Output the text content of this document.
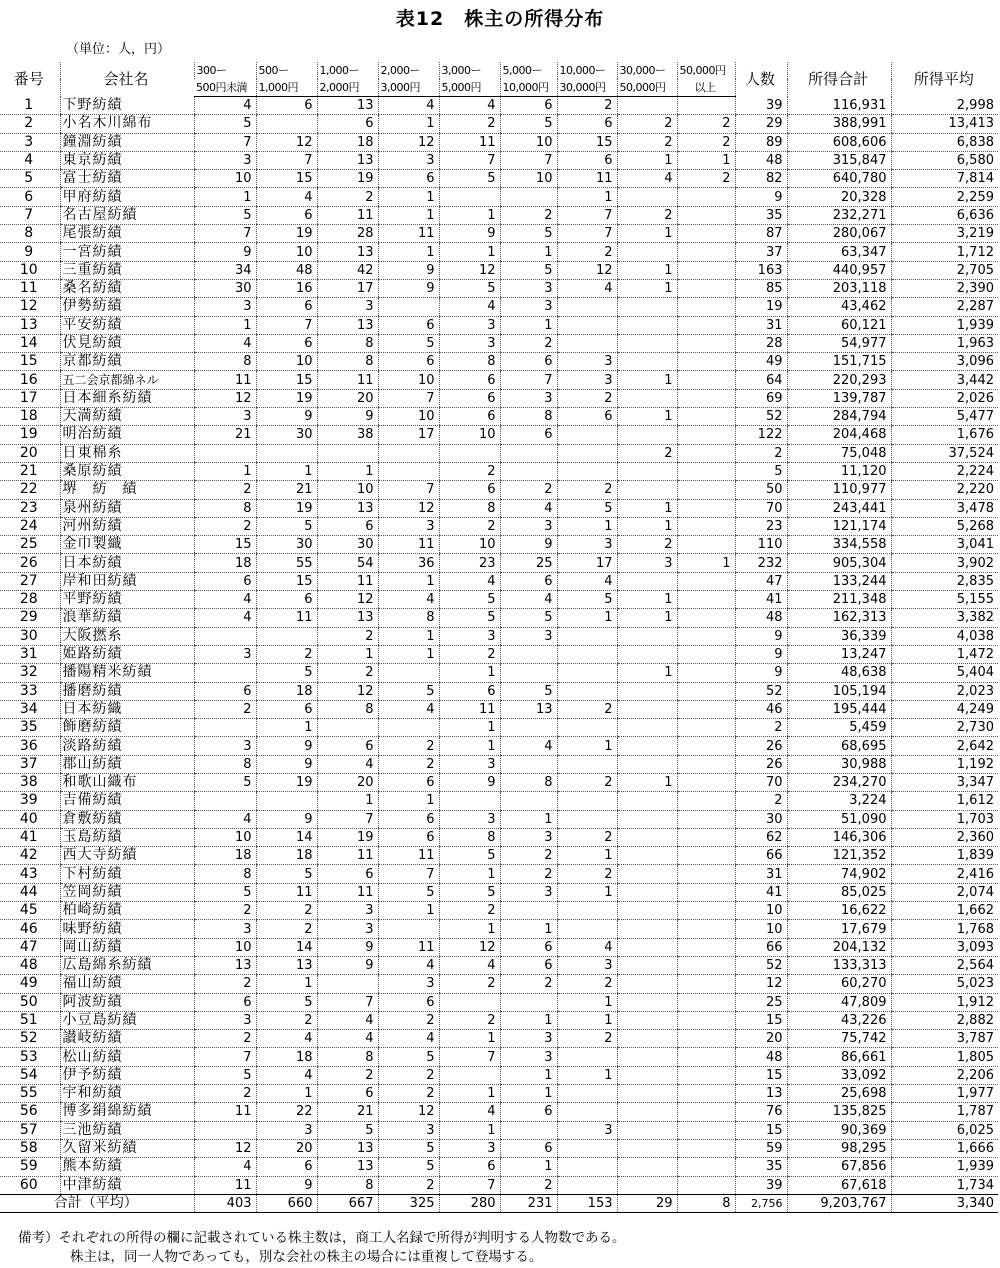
表12　株主の所得分布
（単位：人，円）
番号	会社名	300ー	500ー	1,000ー	2,000ー	3,000ー	5,000ー	10,000ー	30,000ー	50,000円	人数	所得合計	所得平均
		500円未満	1,000円	2,000円	3,000円	5,000円	10,000円	30,000円	50,000円	以上			
1	下野紡績	4	6	13	4	4	6	2			39	116,931	2,998
2	小名木川綿布	5		6	1	2	5	6	2	2	29	388,991	13,413
3	鐘淵紡績	7	12	18	12	11	10	15	2	2	89	608,606	6,838
4	東京紡績	3	7	13	3	7	7	6	1	1	48	315,847	6,580
5	富士紡績	10	15	19	6	5	10	11	4	2	82	640,780	7,814
6	甲府紡績	1	4	2	1			1			9	20,328	2,259
7	名古屋紡績	5	6	11	1	1	2	7	2		35	232,271	6,636
8	尾張紡績	7	19	28	11	9	5	7	1		87	280,067	3,219
9	一宮紡績	9	10	13	1	1	1	2			37	63,347	1,712
10	三重紡績	34	48	42	9	12	5	12	1		163	440,957	2,705
11	桑名紡績	30	16	17	9	5	3	4	1		85	203,118	2,390
12	伊勢紡績	3	6	3		4	3				19	43,462	2,287
13	平安紡績	1	7	13	6	3	1				31	60,121	1,939
14	伏見紡績	4	6	8	5	3	2				28	54,977	1,963
15	京都紡績	8	10	8	6	8	6	3			49	151,715	3,096
16	五二会京都綿ネル	11	15	11	10	6	7	3	1		64	220,293	3,442
17	日本細糸紡績	12	19	20	7	6	3	2			69	139,787	2,026
18	天満紡績	3	9	9	10	6	8	6	1		52	284,794	5,477
19	明治紡績	21	30	38	17	10	6				122	204,468	1,676
20	日東棉糸								2		2	75,048	37,524
21	桑原紡績	1	1	1		2					5	11,120	2,224
22	堺　紡　績	2	21	10	7	6	2	2			50	110,977	2,220
23	泉州紡績	8	19	13	12	8	4	5	1		70	243,441	3,478
24	河州紡績	2	5	6	3	2	3	1	1		23	121,174	5,268
25	金巾製織	15	30	30	11	10	9	3	2		110	334,558	3,041
26	日本紡績	18	55	54	36	23	25	17	3	1	232	905,304	3,902
27	岸和田紡績	6	15	11	1	4	6	4			47	133,244	2,835
28	平野紡績	4	6	12	4	5	4	5	1		41	211,348	5,155
29	浪華紡績	4	11	13	8	5	5	1	1		48	162,313	3,382
30	大阪撚糸			2	1	3	3				9	36,339	4,038
31	姫路紡績	3	2	1	1	2					9	13,247	1,472
32	播陽精米紡績		5	2		1			1		9	48,638	5,404
33	播磨紡績	6	18	12	5	6	5				52	105,194	2,023
34	日本紡織	2	6	8	4	11	13	2			46	195,444	4,249
35	飾磨紡績		1			1					2	5,459	2,730
36	淡路紡績	3	9	6	2	1	4	1			26	68,695	2,642
37	郡山紡績	8	9	4	2	3					26	30,988	1,192
38	和歌山織布	5	19	20	6	9	8	2	1		70	234,270	3,347
39	吉備紡績			1	1						2	3,224	1,612
40	倉敷紡績	4	9	7	6	3	1				30	51,090	1,703
41	玉島紡績	10	14	19	6	8	3	2			62	146,306	2,360
42	西大寺紡績	18	18	11	11	5	2	1			66	121,352	1,839
43	下村紡績	8	5	6	7	1	2	2			31	74,902	2,416
44	笠岡紡績	5	11	11	5	5	3	1			41	85,025	2,074
45	柏崎紡績	2	2	3	1	2					10	16,622	1,662
46	味野紡績	3	2	3		1	1				10	17,679	1,768
47	岡山紡績	10	14	9	11	12	6	4			66	204,132	3,093
48	広島綿糸紡績	13	13	9	4	4	6	3			52	133,313	2,564
49	福山紡績	2	1		3	2	2	2			12	60,270	5,023
50	阿波紡績	6	5	7	6			1			25	47,809	1,912
51	小豆島紡績	3	2	4	2	2	1	1			15	43,226	2,882
52	讃岐紡績	2	4	4	4	1	3	2			20	75,742	3,787
53	松山紡績	7	18	8	5	7	3				48	86,661	1,805
54	伊予紡績	5	4	2	2		1	1			15	33,092	2,206
55	宇和紡績	2	1	6	2	1	1				13	25,698	1,977
56	博多絹綿紡績	11	22	21	12	4	6				76	135,825	1,787
57	三池紡績		3	5	3	1		3			15	90,369	6,025
58	久留米紡績	12	20	13	5	3	6				59	98,295	1,666
59	熊本紡績	4	6	13	5	6	1				35	67,856	1,939
60	中津紡績	11	9	8	2	7	2				39	67,618	1,734
合計（平均）		403	660	667	325	280	231	153	29	8	2,756	9,203,767	3,340
備考）それぞれの所得の欄に記載されている株主数は，商工人名録で所得が判明する人物数である。
株主は，同一人物であっても，別な会社の株主の場合には重複して登場する。
